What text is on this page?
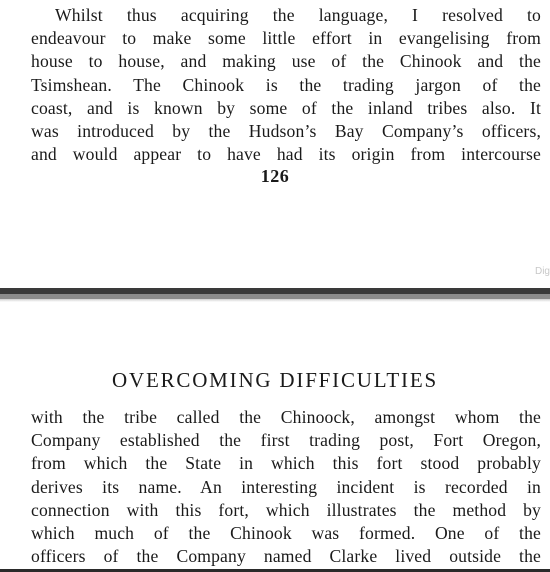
Whilst thus acquiring the language, I resolved to
endeavour to make some little effort in evangelising from
house to house, and making use of the Chinook and the
Tsimshean. The Chinook is the trading jargon of the
coast, and is known by some of the inland tribes also. It
was introduced by the Hudson’s Bay Company’s officers,
and would appear to have had its origin from intercourse
126
Dig
OVERCOMING DIFFICULTIES
with the tribe called the Chinoock, amongst whom the
Company established the first trading post, Fort Oregon,
from which the State in which this fort stood probably
derives its name. An interesting incident is recorded in
connection with this fort, which illustrates the method by
which much of the Chinook was formed. One of the
officers of the Company named Clarke lived outside the
